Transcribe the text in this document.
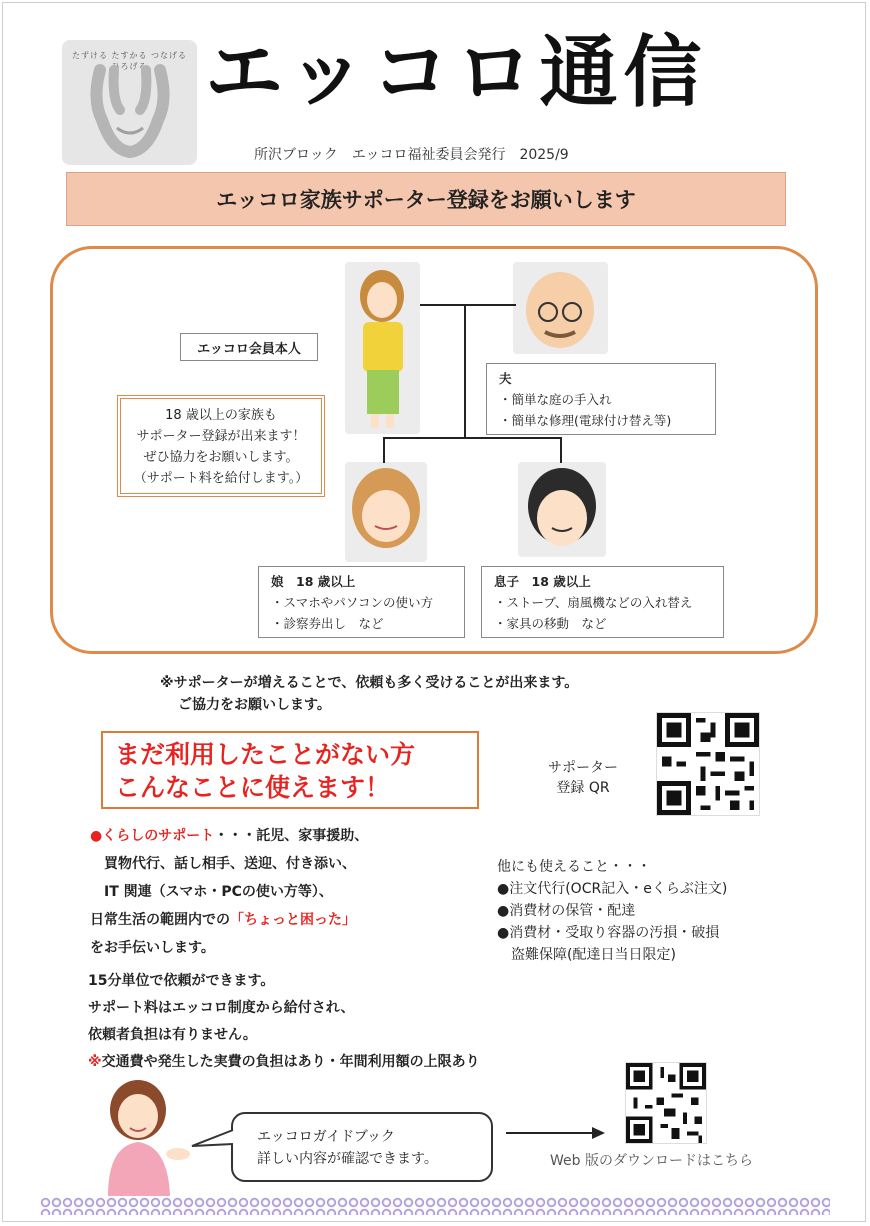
たずける たすかる つなげる ひろげる エッコロ通信
所沢ブロック　エッコロ福祉委員会発行　2025/9
エッコロ家族サポーター登録をお願いします
エッコロ会員本人
18 歳以上の家族も
サポーター登録が出来ます！
ぜひ協力をお願いします。
（サポート料を給付します。）
夫
・簡単な庭の手入れ
・簡単な修理(電球付け替え等)
娘　18 歳以上
・スマホやパソコンの使い方
・診察券出し　など
息子　18 歳以上
・ストーブ、扇風機などの入れ替え
・家具の移動　など
※サポーターが増えることで、依頼も多く受けることが出来ます。
ご協力をお願いします。
まだ利用したことがない方
こんなことに使えます！
サポーター
登録 QR
●くらしのサポート・・・託児、家事援助、
買物代行、話し相手、送迎、付き添い、
IT 関連（スマホ・PCの使い方等）、
日常生活の範囲内での「ちょっと困った」
をお手伝いします。
他にも使えること・・・
●注文代行(OCR記入・eくらぶ注文)
●消費材の保管・配達
●消費材・受取り容器の汚損・破損
　盗難保障(配達日当日限定)
15分単位で依頼ができます。
サポート料はエッコロ制度から給付され、
依頼者負担は有りません。
※交通費や発生した実費の負担はあり・年間利用額の上限あり
エッコロガイドブック
詳しい内容が確認できます。	Web 版のダウンロードはこちら
